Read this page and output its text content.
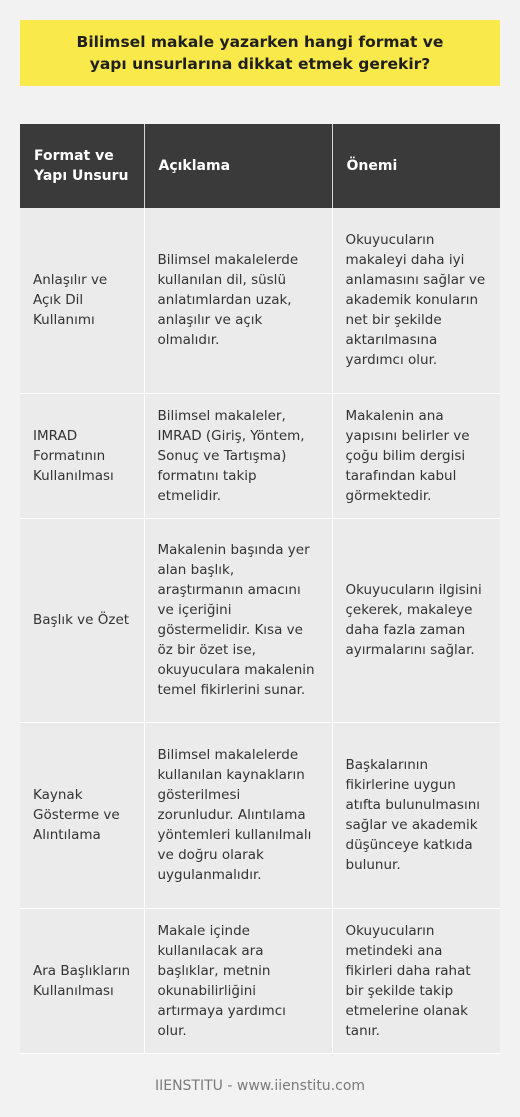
Bilimsel makale yazarken hangi format ve yapı unsurlarına dikkat etmek gerekir?
Format ve Yapı Unsuru	Açıklama	Önemi
Anlaşılır ve Açık Dil Kullanımı	Bilimsel makalelerde kullanılan dil, süslü anlatımlardan uzak, anlaşılır ve açık olmalıdır.	Okuyucuların makaleyi daha iyi anlamasını sağlar ve akademik konuların net bir şekilde aktarılmasına yardımcı olur.
IMRAD Formatının Kullanılması	Bilimsel makaleler, IMRAD (Giriş, Yöntem, Sonuç ve Tartışma) formatını takip etmelidir.	Makalenin ana yapısını belirler ve çoğu bilim dergisi tarafından kabul görmektedir.
Başlık ve Özet	Makalenin başında yer alan başlık, araştırmanın amacını ve içeriğini göstermelidir. Kısa ve öz bir özet ise, okuyuculara makalenin temel fikirlerini sunar.	Okuyucuların ilgisini çekerek, makaleye daha fazla zaman ayırmalarını sağlar.
Kaynak Gösterme ve Alıntılama	Bilimsel makalelerde kullanılan kaynakların gösterilmesi zorunludur. Alıntılama yöntemleri kullanılmalı ve doğru olarak uygulanmalıdır.	Başkalarının fikirlerine uygun atıfta bulunulmasını sağlar ve akademik düşünceye katkıda bulunur.
Ara Başlıkların Kullanılması	Makale içinde kullanılacak ara başlıklar, metnin okunabilirliğini artırmaya yardımcı olur.	Okuyucuların metindeki ana fikirleri daha rahat bir şekilde takip etmelerine olanak tanır.
IIENSTITU - www.iienstitu.com
